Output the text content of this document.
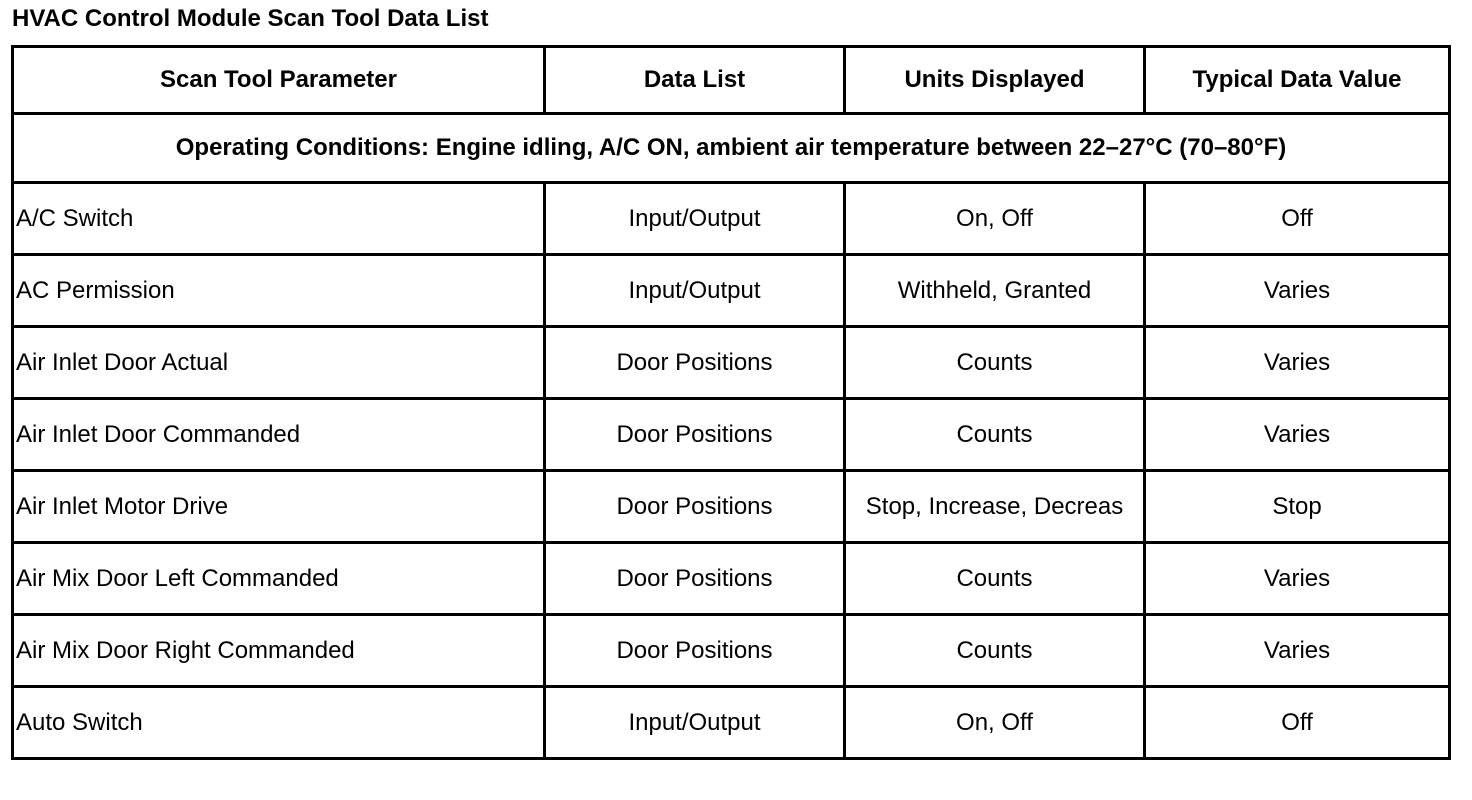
HVAC Control Module Scan Tool Data List
Scan Tool Parameter	Data List	Units Displayed	Typical Data Value
Operating Conditions: Engine idling, A/C ON, ambient air temperature between 22–27°C (70–80°F)			
A/C Switch	Input/Output	On, Off	Off
AC Permission	Input/Output	Withheld, Granted	Varies
Air Inlet Door Actual	Door Positions	Counts	Varies
Air Inlet Door Commanded	Door Positions	Counts	Varies
Air Inlet Motor Drive	Door Positions	Stop, Increase, Decreas	Stop
Air Mix Door Left Commanded	Door Positions	Counts	Varies
Air Mix Door Right Commanded	Door Positions	Counts	Varies
Auto Switch	Input/Output	On, Off	Off
